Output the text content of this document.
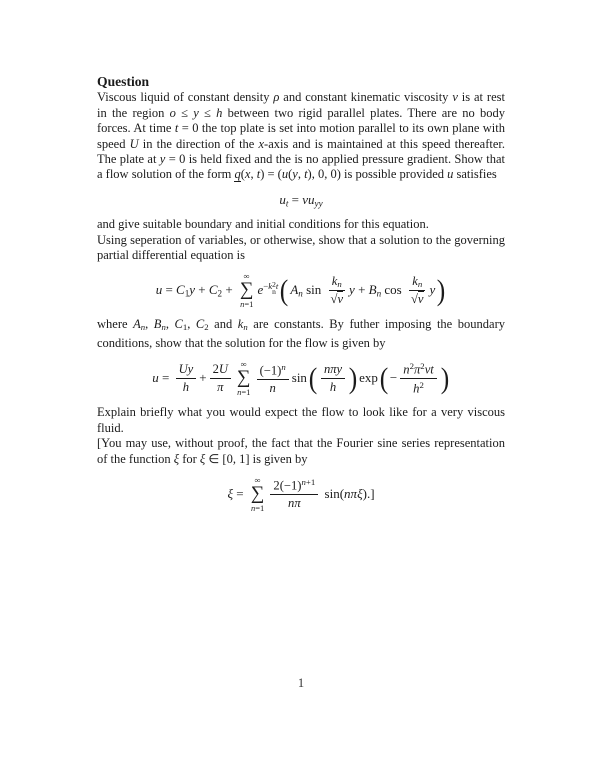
Question

Viscous liquid of constant density ρ and constant kinematic viscosity ν is at rest in the region o ≤ y ≤ h between two rigid parallel plates. There are no body forces. At time t = 0 the top plate is set into motion parallel to its own plane with speed U in the direction of the x-axis and is maintained at this speed thereafter. The plate at y = 0 is held fixed and the is no applied pressure gradient. Show that a flow solution of the form q(x, t) = (u(y, t), 0, 0) is possible provided u satisfies

ut = νuyy

and give suitable boundary and initial conditions for this equation.

Using seperation of variables, or otherwise, show that a solution to the governing partial differential equation is

u = C1y + C2 +
∞
∑
n=1
e−k 2
n
t ( An $\sin \frac{kn}{√\nu}$ y + Bn $\cos \frac{kn}{√\nu}$ y )

where An, Bn, C1, C2 and kn are constants. By futher imposing the boundary conditions, show that the solution for the flow is given by

$u = \frac{Uy}{h} + \frac{2U}{\pi}$ ∞
∑
$n=1 \frac{(-1)^n}{n}$ sin ( $\frac{\text{nπy}}{h}$ ) exp ( − $\frac{n^2\pi^2\nu t}{h^2}$ )

Explain briefly what you would expect the flow to look like for a very viscous fluid.

[You may use, without proof, the fact that the Fourier sine series representation of the function ξ for ξ ∈ [0, 1] is given by

ξ =
∞
∑
$n=1 \frac{2(-1)^{n+1}}{n\pi} \sin(n\pi\xi)$.]
1
